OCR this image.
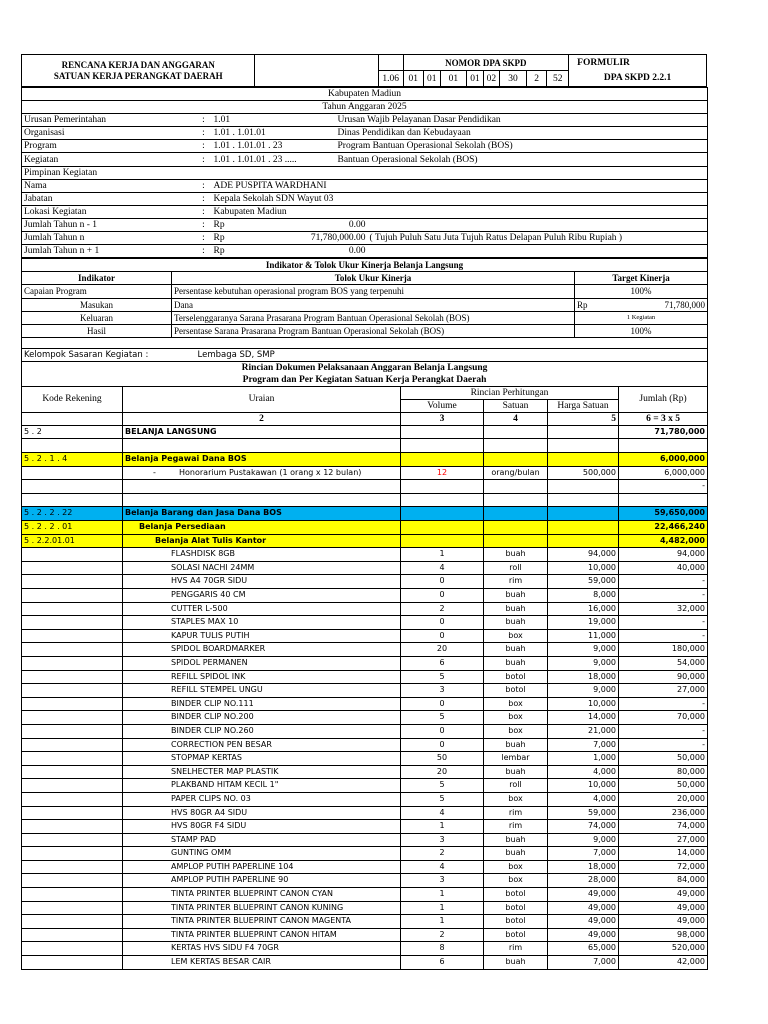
RENCANA KERJA DAN ANGGARAN
SATUAN KERJA PERANGKAT DAERAH			NOMOR DPA SKPD								FORMULIR
		1.06	01	01	01	01	02	30	2	52	DPA SKPD 2.2.1
Kabupaten Madiun			
Tahun Anggaran 2025			
Urusan Pemerintahan	:	1.01	Urusan Wajib Pelayanan Dasar Pendidikan
Organisasi	:	1.01 . 1.01.01	Dinas Pendidikan dan Kebudayaan
Program	:	1.01 . 1.01.01 . 23	Program Bantuan Operasional Sekolah (BOS)
Kegiatan	:	1.01 . 1.01.01 . 23 .....	Bantuan Operasional Sekolah (BOS)
Pimpinan Kegiatan			
Nama	:	ADE PUSPITA WARDHANI	
Jabatan	:	Kepala Sekolah SDN Wayut 03	
Lokasi Kegiatan	:	Kabupaten Madiun	
Jumlah Tahun n - 1	:	Rp 0.00	
Jumlah Tahun n	:	Rp 71,780,000.00 ( Tujuh Puluh Satu Juta Tujuh Ratus Delapan Puluh Ribu Rupiah )	
Jumlah Tahun n + 1	:	Rp 0.00	
Indikator & Tolok Ukur Kinerja Belanja Langsung			
Indikator	Tolok Ukur Kinerja	Target Kinerja	
Capaian Program	Persentase kebutuhan operasional program BOS yang terpenuhi	100%	
Masukan	Dana	Rp	71,780,000
Keluaran	Terselenggaranya Sarana Prasarana Program Bantuan Operasional Sekolah (BOS)	1 Kegiatan	
Hasil	Persentase Sarana Prasarana Program Bantuan Operasional Sekolah (BOS)	100%	

Kelompok Sasaran Kegiatan :	Lembaga SD, SMP		
Rincian Dokumen Pelaksanaan Anggaran Belanja Langsung					
Program dan Per Kegiatan Satuan Kerja Perangkat Daerah					
Kode Rekening	Uraian	Rincian Perhitungan			Jumlah (Rp)
		Volume	Satuan	Harga Satuan	
	2	3	4	5	6 = 3 x 5
5 . 2	BELANJA LANGSUNG				71,780,000

5 . 2 . 1 . 4	Belanja Pegawai Dana BOS				6,000,000
	- Honorarium Pustakawan (1 orang x 12 bulan)	12	orang/bulan	500,000	6,000,000
					-

5 . 2 . 2 . 22	Belanja Barang dan Jasa Dana BOS				59,650,000
5 . 2 . 2 . 01	Belanja Persediaan				22,466,240
5 . 2.2.01.01	Belanja Alat Tulis Kantor				4,482,000
	FLASHDISK 8GB	1	buah	94,000	94,000
	SOLASI NACHI 24MM	4	roll	10,000	40,000
	HVS A4 70GR SIDU	0	rim	59,000	-
	PENGGARIS 40 CM	0	buah	8,000	-
	CUTTER L-500	2	buah	16,000	32,000
	STAPLES MAX 10	0	buah	19,000	-
	KAPUR TULIS PUTIH	0	box	11,000	-
	SPIDOL BOARDMARKER	20	buah	9,000	180,000
	SPIDOL PERMANEN	6	buah	9,000	54,000
	REFILL SPIDOL INK	5	botol	18,000	90,000
	REFILL STEMPEL UNGU	3	botol	9,000	27,000
	BINDER CLIP NO.111	0	box	10,000	-
	BINDER CLIP NO.200	5	box	14,000	70,000
	BINDER CLIP NO.260	0	box	21,000	-
	CORRECTION PEN BESAR	0	buah	7,000	-
	STOPMAP KERTAS	50	lembar	1,000	50,000
	SNELHECTER MAP PLASTIK	20	buah	4,000	80,000
	PLAKBAND HITAM KECIL 1"	5	roll	10,000	50,000
	PAPER CLIPS NO. 03	5	box	4,000	20,000
	HVS 80GR A4 SIDU	4	rim	59,000	236,000
	HVS 80GR F4 SIDU	1	rim	74,000	74,000
	STAMP PAD	3	buah	9,000	27,000
	GUNTING OMM	2	buah	7,000	14,000
	AMPLOP PUTIH PAPERLINE 104	4	box	18,000	72,000
	AMPLOP PUTIH PAPERLINE 90	3	box	28,000	84,000
	TINTA PRINTER BLUEPRINT CANON CYAN	1	botol	49,000	49,000
	TINTA PRINTER BLUEPRINT CANON KUNING	1	botol	49,000	49,000
	TINTA PRINTER BLUEPRINT CANON MAGENTA	1	botol	49,000	49,000
	TINTA PRINTER BLUEPRINT CANON HITAM	2	botol	49,000	98,000
	KERTAS HVS SIDU F4 70GR	8	rim	65,000	520,000
	LEM KERTAS BESAR CAIR	6	buah	7,000	42,000
